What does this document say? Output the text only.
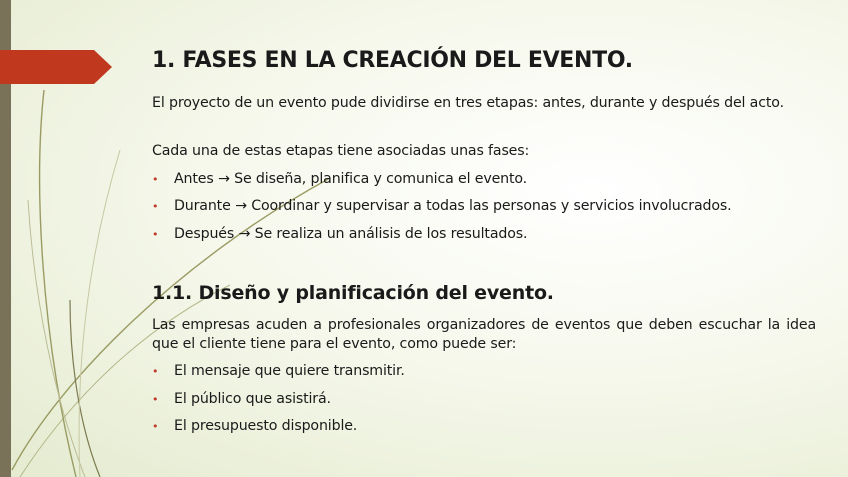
1. FASES EN LA CREACIÓN DEL EVENTO.
El proyecto de un evento pude dividirse en tres etapas: antes, durante y después del acto.
Cada una de estas etapas tiene asociadas unas fases:
• Antes → Se diseña, planifica y comunica el evento.
• Durante → Coordinar y supervisar a todas las personas y servicios involucrados.
• Después → Se realiza un análisis de los resultados.
1.1. Diseño y planificación del evento.
Las empresas acuden a profesionales organizadores de eventos que deben escuchar la idea que el cliente tiene para el evento, como puede ser:
• El mensaje que quiere transmitir.
• El público que asistirá.
• El presupuesto disponible.
